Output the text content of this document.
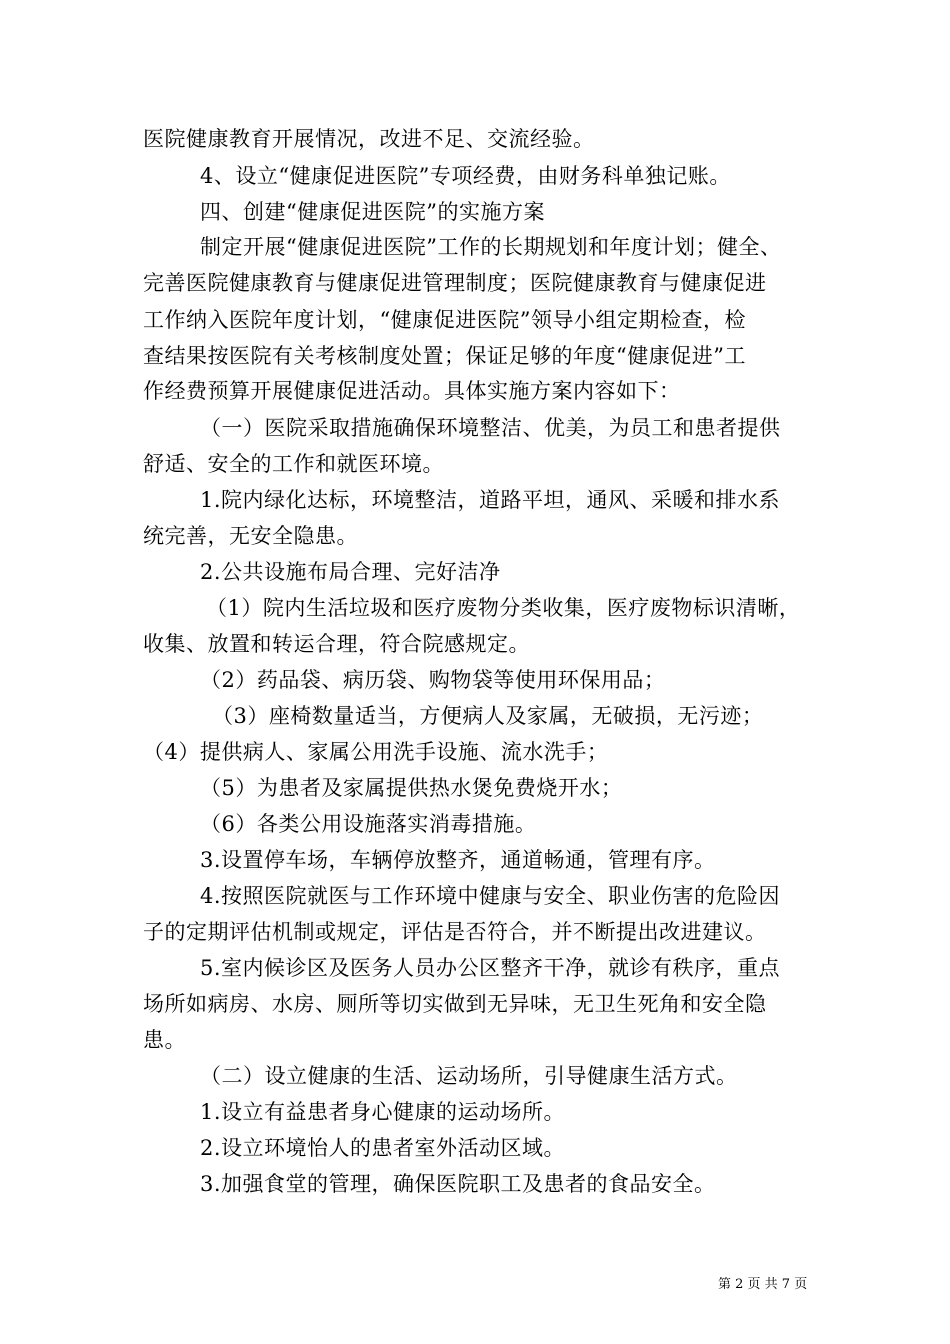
医院健康教育开展情况，改进不足、交流经验。
4、设立“健康促进医院”专项经费，由财务科单独记账。
四、创建“健康促进医院”的实施方案
制定开展“健康促进医院”工作的长期规划和年度计划；健全、
完善医院健康教育与健康促进管理制度；医院健康教育与健康促进
工作纳入医院年度计划，“健康促进医院”领导小组定期检查，检
查结果按医院有关考核制度处置；保证足够的年度“健康促进”工
作经费预算开展健康促进活动。具体实施方案内容如下：
（一）医院采取措施确保环境整洁、优美，为员工和患者提供
舒适、安全的工作和就医环境。
1.院内绿化达标，环境整洁，道路平坦，通风、采暖和排水系
统完善，无安全隐患。
2.公共设施布局合理、完好洁净
（1）院内生活垃圾和医疗废物分类收集，医疗废物标识清晰，
收集、放置和转运合理，符合院感规定。
（2）药品袋、病历袋、购物袋等使用环保用品；
（3）座椅数量适当，方便病人及家属，无破损，无污迹；
（4）提供病人、家属公用洗手设施、流水洗手；
（5）为患者及家属提供热水煲免费烧开水；
（6）各类公用设施落实消毒措施。
3.设置停车场，车辆停放整齐，通道畅通，管理有序。
4.按照医院就医与工作环境中健康与安全、职业伤害的危险因
子的定期评估机制或规定，评估是否符合，并不断提出改进建议。
5.室内候诊区及医务人员办公区整齐干净，就诊有秩序，重点
场所如病房、水房、厕所等切实做到无异味，无卫生死角和安全隐
患。
（二）设立健康的生活、运动场所，引导健康生活方式。
1.设立有益患者身心健康的运动场所。
2.设立环境怡人的患者室外活动区域。
3.加强食堂的管理，确保医院职工及患者的食品安全。
第 2 页 共 7 页
